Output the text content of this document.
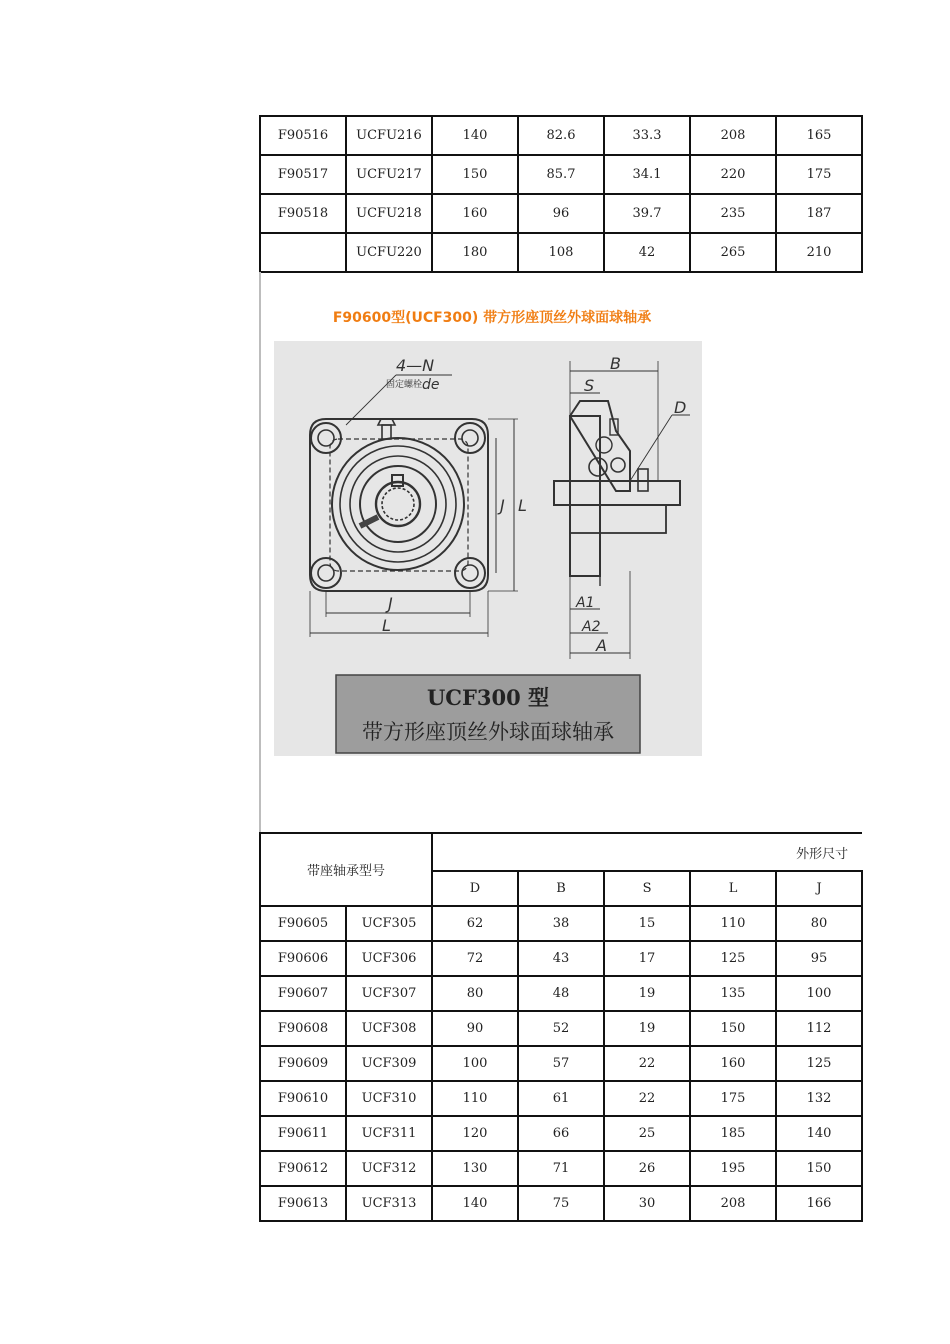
F90516	UCFU216	140	82.6	33.3	208	165
F90517	UCFU217	150	85.7	34.1	220	175
F90518	UCFU218	160	96	39.7	235	187
	UCFU220	180	108	42	265	210
F90600型(UCF300) 带方形座顶丝外球面球轴承
4—N
固定螺栓 de
J
L
J L
B
S
D
A1
A2
A
UCF300 型
带方形座顶丝外球面球轴承
带座轴承型号		外形尺寸				
		D	B	S	L	J
F90605	UCF305	62	38	15	110	80
F90606	UCF306	72	43	17	125	95
F90607	UCF307	80	48	19	135	100
F90608	UCF308	90	52	19	150	112
F90609	UCF309	100	57	22	160	125
F90610	UCF310	110	61	22	175	132
F90611	UCF311	120	66	25	185	140
F90612	UCF312	130	71	26	195	150
F90613	UCF313	140	75	30	208	166
